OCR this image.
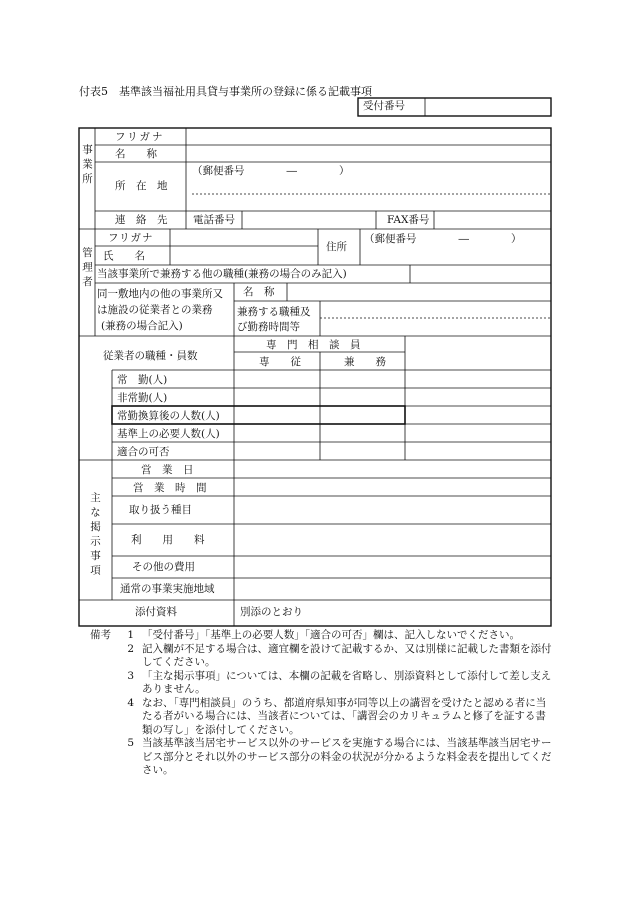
付表5　基準該当福祉用具貸与事業所の登録に係る記載事項
受付番号
事業所
フリガナ
名　　称
所　在　地
（郵便番号　　　　―　　　　）
連　絡　先 電話番号	FAX番号
管理者
フリガナ
氏　　名
住所
（郵便番号　　　　―　　　　）
当該事業所で兼務する他の職種(兼務の場合のみ記入)
同一敷地内の他の事業所又
は施設の従業者との業務
(兼務の場合記入)
名　称
兼務する職種及
び勤務時間等
従業者の職種・員数
専　門　相　談　員
専　　従	兼　　務
常　勤(人)
非常勤(人)
常勤換算後の人数(人)
基準上の必要人数(人)
適合の可否
主な掲示事項
営　業　日
営　業　時　間
取り扱う種目
利　　用　　料
その他の費用
通常の事業実施地域
添付資料	別添のとおり
備考	1 「受付番号」「基準上の必要人数」「適合の可否」欄は、記入しないでください。
2 記入欄が不足する場合は、適宜欄を設けて記載するか、又は別様に記載した書類を添付してください。
3 「主な掲示事項」については、本欄の記載を省略し、別添資料として添付して差し支えありません。
4 なお、「専門相談員」のうち、都道府県知事が同等以上の講習を受けたと認める者に当たる者がいる場合には、当該者については、「講習会のカリキュラムと修了を証する書類の写し」を添付してください。
5 当該基準該当居宅サービス以外のサービスを実施する場合には、当該基準該当居宅サービス部分とそれ以外のサービス部分の料金の状況が分かるような料金表を提出してください。
